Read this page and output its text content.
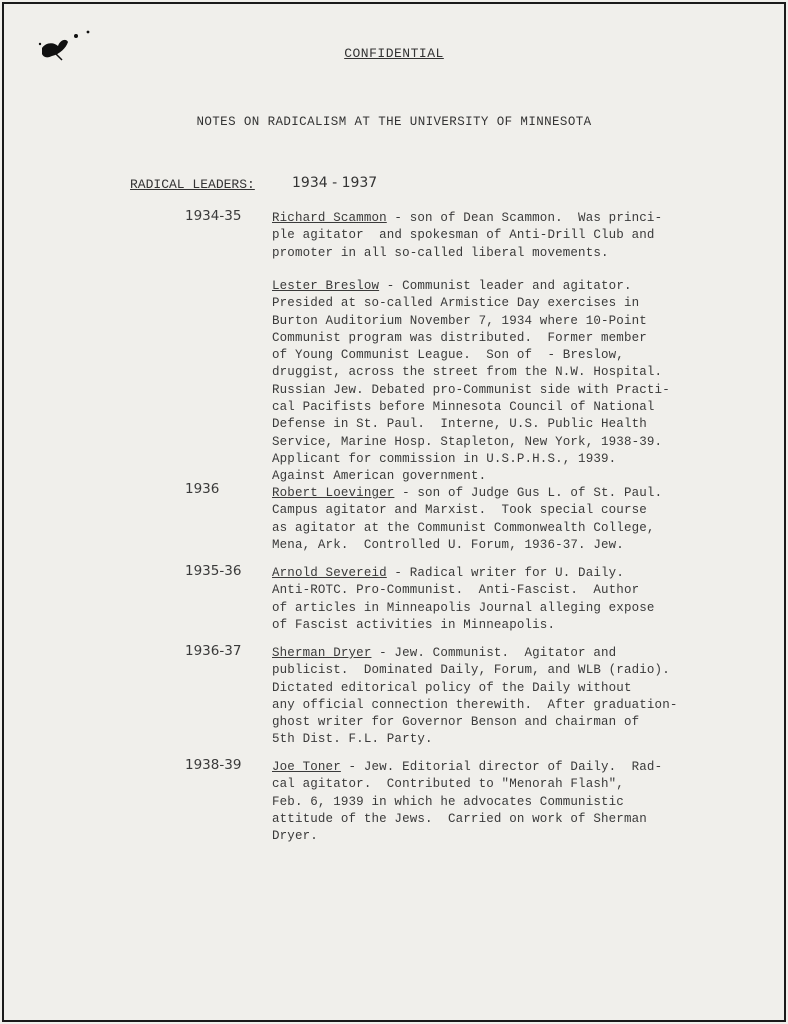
CONFIDENTIAL
NOTES ON RADICALISM AT THE UNIVERSITY OF MINNESOTA
RADICAL LEADERS:	1934 - 1937
1934-35 Richard Scammon - son of Dean Scammon.  Was princi-
ple agitator  and spokesman of Anti-Drill Club and
promoter in all so-called liberal movements.
Lester Breslow - Communist leader and agitator.
Presided at so-called Armistice Day exercises in
Burton Auditorium November 7, 1934 where 10-Point
Communist program was distributed.  Former member
of Young Communist League.  Son of  - Breslow,
druggist, across the street from the N.W. Hospital.
Russian Jew. Debated pro-Communist side with Practi-
cal Pacifists before Minnesota Council of National
Defense in St. Paul.  Interne, U.S. Public Health
Service, Marine Hosp. Stapleton, New York, 1938-39.
Applicant for commission in U.S.P.H.S., 1939.
Against American government.
1936	Robert Loevinger - son of Judge Gus L. of St. Paul.
Campus agitator and Marxist.  Took special course
as agitator at the Communist Commonwealth College,
Mena, Ark.  Controlled U. Forum, 1936-37. Jew.
1935-36 Arnold Severeid - Radical writer for U. Daily.
Anti-ROTC. Pro-Communist.  Anti-Fascist.  Author
of articles in Minneapolis Journal alleging expose
of Fascist activities in Minneapolis.
1936-37 Sherman Dryer - Jew. Communist.  Agitator and
publicist.  Dominated Daily, Forum, and WLB (radio).
Dictated editorical policy of the Daily without
any official connection therewith.  After graduation-
ghost writer for Governor Benson and chairman of
5th Dist. F.L. Party.
1938-39 Joe Toner - Jew. Editorial director of Daily.  Rad-
cal agitator.  Contributed to "Menorah Flash",
Feb. 6, 1939 in which he advocates Communistic
attitude of the Jews.  Carried on work of Sherman
Dryer.
